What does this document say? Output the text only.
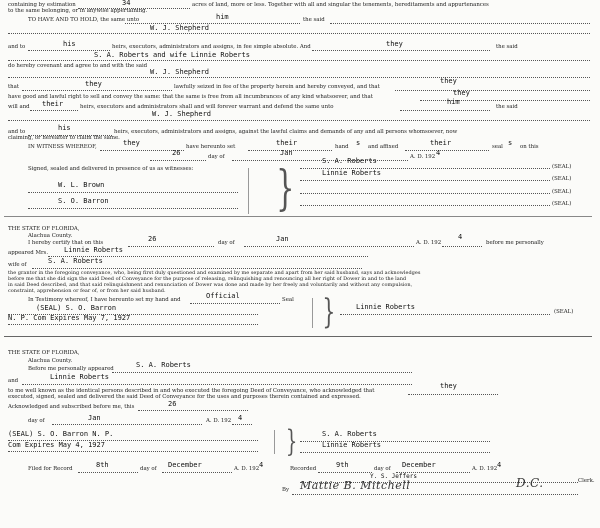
containing by estimation	34	acres of land, more or less. Together with all and singular the tenements, hereditaments and appurtenances
to the same belonging, or in anywise appertaining.
TO HAVE AND TO HOLD, the same unto	him	the said
W. J. Shepherd
and to	his	heirs, executors, administrators and assigns, in fee simple absolute. And	they	the said
S. A. Roberts and wife Linnie Roberts
do hereby covenant and agree to and with the said
W. J. Shepherd
that	they	lawfully seized in fee of the property herein and hereby conveyed, and that
they
have good and lawful right to sell and convey the same: that the same is free from all incumbrances of any kind whatsoever, and that	they
will and their	heirs, executors and administrators shall and will forever warrant and defend the same unto
him
the said
W. J. Shepherd
and to	his	heirs, executors, administrators and assigns, against the lawful claims and demands of any and all persons whomsoever, now
claiming, or hereafter to claim the same.
IN WITNESS WHEREOF,	they	have hereunto set	their	hand s and affixed	their	seal s on this
26	day of	Jan	A. D. 192 4
Signed, sealed and delivered in presence of us as witnesses: }
W. L. Brown
S. O. Barron
S. A. Roberts
(SEAL)
Linnie Roberts
(SEAL)
(SEAL)
(SEAL)
THE STATE OF FLORIDA,
Alachua County.
I hereby certify that on this	26	day of	Jan	A. D. 192
4
before me personally
appeared Mrs. Linnie Roberts
wife of	S. A. Roberts
the grantor in the foregoing conveyance, who, being first duly questioned and examined by me separate and apart from her said husband, says and acknowledges
before me that she did sign the said Deed of Conveyance for the purpose of releasing, relinquishing and renouncing all her right of Dower in and to the land
in said Deed described, and that said relinquishment and renunciation of Dower was done and made by her freely and voluntarily and without any compulsion,
constraint, apprehension or fear of, or from her said husband.
In Testimony whereof, I have hereunto set my hand and	Official	Seal }
(SEAL) S. O. Barron
N. P. Com Expires May 7, 1927
Linnie Roberts
(SEAL)
THE STATE OF FLORIDA,
Alachua County.
Before me personally appeared	S. A. Roberts
and	Linnie Roberts
to me well known as the identical persons described in and who executed the foregoing Deed of Conveyance, who acknowledged that
they
executed, signed, sealed and delivered the said Deed of Conveyance for the uses and purposes therein contained and expressed.
Acknowledged and subscribed before me, this	26
day of	Jan	A. D. 192 4
(SEAL) S. O. Barron N. P.
Com Expires May 4, 1927	}	S. A. Roberts
Linnie Roberts
Filed for Record	8th	day of December	A. D. 192 4	Recorded	9th	day of December	A. D. 192 4
Y. S. Jeffers
Clerk.
By Mattie B. Mitchell	D.C.
